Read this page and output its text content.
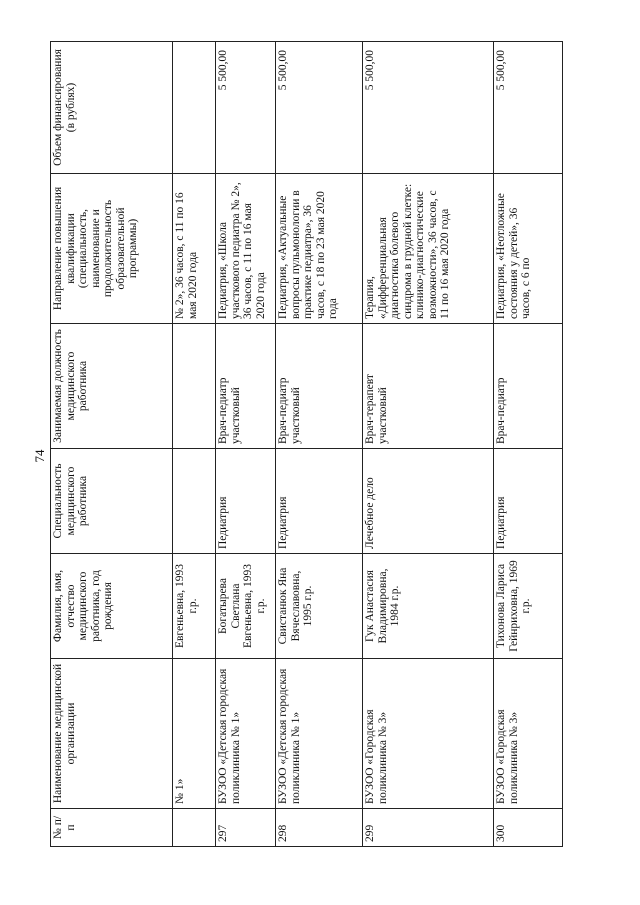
74
№ п/п	Наименование медицинской организации	Фамилия, имя, отчество медицинского работника, год рождения	Специальность медицинского работника	Занимаемая должность медицинского работника	Направление повышения квалификации (специальность, наименование и продолжительность образовательной программы)	Объем финансирования (в рублях)
	№ 1»	Евгеньевна, 1993 г.р.			№ 2», 36 часов, с 11 по 16 мая 2020 года	
297	БУЗОО «Детская городская поликлиника № 1»	Богатырева Светлана Евгеньевна, 1993 г.р.	Педиатрия	Врач-педиатр участковый	Педиатрия, «Школа участкового педиатра № 2», 36 часов, с 11 по 16 мая 2020 года	5 500,00
298	БУЗОО «Детская городская поликлиника № 1»	Свистанюк Яна Вячеславовна, 1995 г.р.	Педиатрия	Врач-педиатр участковый	Педиатрия, «Актуальные вопросы пульмонологии в практике педиатра», 36 часов, с 18 по 23 мая 2020 года	5 500,00
299	БУЗОО «Городская поликлиника № 3»	Гук Анастасия Владимировна, 1984 г.р.	Лечебное дело	Врач-терапевт участковый	Терапия, «Дифференциальная диагностика болевого синдрома в грудной клетке: клинико-диагностические возможности», 36 часов, с 11 по 16 мая 2020 года	5 500,00
300	БУЗОО «Городская поликлиника № 3»	Тихонова Лариса Гейнриховна, 1969 г.р.	Педиатрия	Врач-педиатр	Педиатрия, «Неотложные состояния у детей», 36 часов, с 6 по	5 500,00
